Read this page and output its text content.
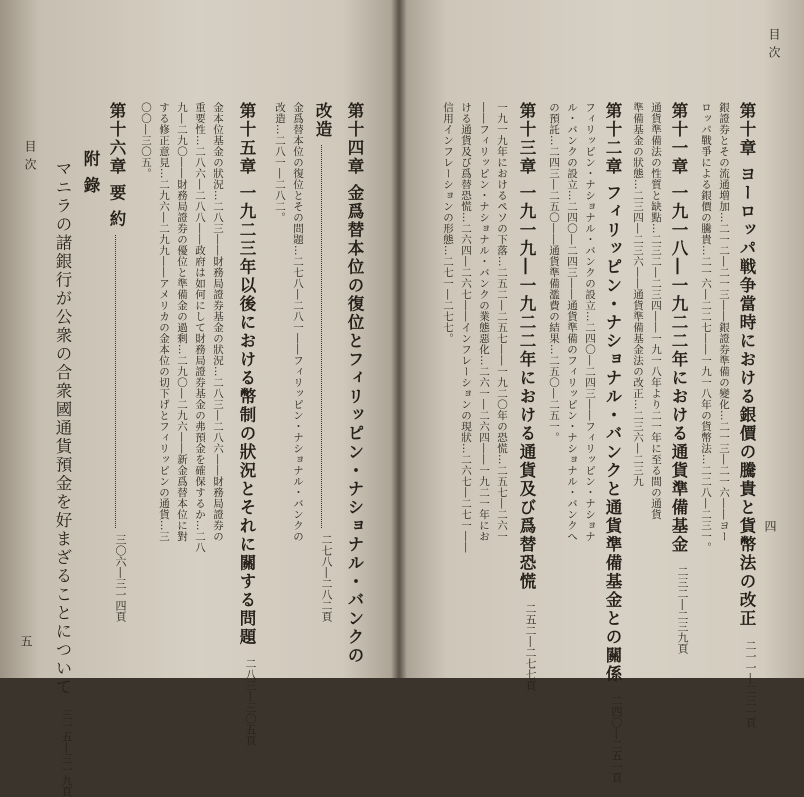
目 次
五	第十四章 金爲替本位の復位とフィリッピン・ナショナル・バンクの
改造
二七八―二八二頁
金爲替本位の復位とその問題…二七八―二八一――フィリッピン・ナショナル・バンクの
改造…二八一―二八二。
第十五章 一九二三年以後における幣制の狀況とそれに關する問題
二八三―三〇五頁
金本位基金の狀況…二八三――財務局證券基金の狀況…二八三―二八六――財務局證券の
重要性…二八六―二八八――政府は如何にして財務局證券基金の弗預金を確保するか…二八
九―二九〇――財務局證券の優位と準備金の過剩…二九〇―二九六――新金爲替本位に對
する修正意見…二九六―二九九――アメリカの金本位の切下げとフィリッピンの通貨…三
〇〇―三〇五。
第十六章 要 約
三〇六―三一四頁
附 錄
マニラの諸銀行が公衆の合衆國通貨預金を好まざることについて
三一五―三一九頁
目 次
四
第十章 ヨーロッパ戦争當時における銀價の騰貴と貨幣法の改正
二一一―二三一頁
銀證券とその流通増加…二一二―二一三――銀證券準備の變化…二一三―二一六――ヨー
ロッパ戰爭による銀價の騰貴…二一六―二二七――一九一八年の貨幣法…二二八―二三一。
第十一章 一九一八―一九二二年における通貨準備基金
二三二―二三九頁
通貨準備法の性質と缺點…二三二―二三四――一九一八年より二一年に至る間の通貨
準備基金の狀態…二三四―二三六――通貨準備基金法の改正…二三六―二三九
第十二章 フィリッピン・ナショナル・バンクと通貨準備基金との關係
二四〇―二五一頁
フィリッピン・ナショナル・バンクの設立…二四〇―二四三――フィリッピン・ナショナ
ル・バンクの設立…二四〇―二四三――通貨準備のフィリッピン・ナショナル・バンクへ
の預託…二四三―二五〇――通貨準備濫費の結果…二五〇―二五一。
第十三章 一九一九―一九二二年における通貨及び爲替恐慌
二五二―二七七頁
一九一九年におけるペソの下落…二五二―二五七――一九二〇年の恐慌…二五七―二六一
――フィリッピン・ナショナル・バンクの業態惡化…二六一―二六四――一九二一年にお
ける通貨及び爲替恐慌…二六四―二六七――インフレーションの現狀…二六七―二七一――
信用インフレーションの形態…二七一―二七七。
